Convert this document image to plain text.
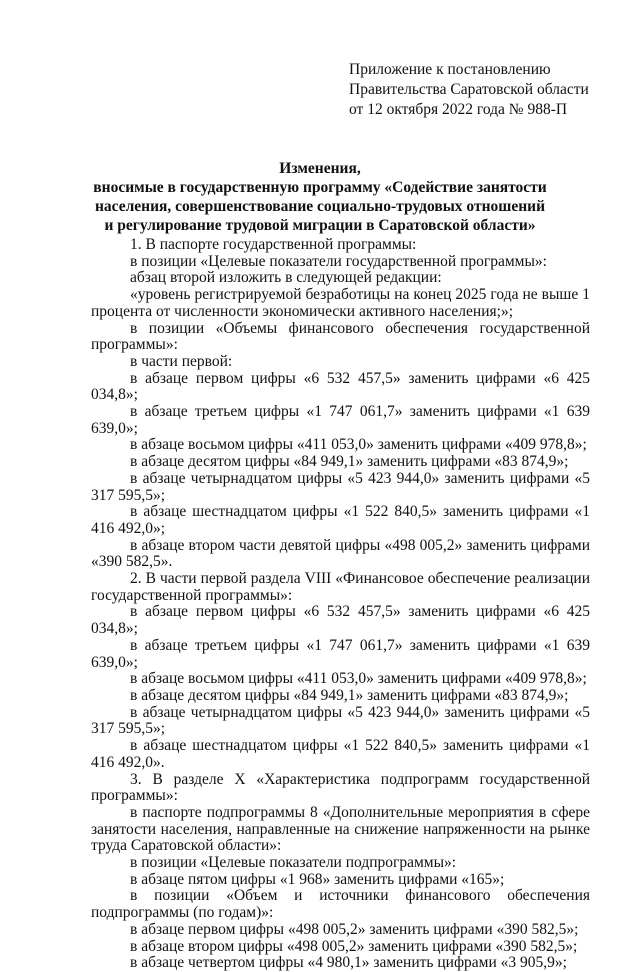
Приложение к постановлению
Правительства Саратовской области
от 12 октября 2022 года № 988-П
Изменения,
вносимые в государственную программу «Содействие занятости
населения, совершенствование социально-трудовых отношений
и регулирование трудовой миграции в Саратовской области»

1. В паспорте государственной программы:

в позиции «Целевые показатели государственной программы»:

абзац второй изложить в следующей редакции:

«уровень регистрируемой безработицы на конец 2025 года не выше 1 процента от численности экономически активного населения;»;

в позиции «Объемы финансового обеспечения государственной программы»:

в части первой:

в абзаце первом цифры «6 532 457,5» заменить цифрами «6 425 034,8»;

в абзаце третьем цифры «1 747 061,7» заменить цифрами «1 639 639,0»;

в абзаце восьмом цифры «411 053,0» заменить цифрами «409 978,8»;

в абзаце десятом цифры «84 949,1» заменить цифрами «83 874,9»;

в абзаце четырнадцатом цифры «5 423 944,0» заменить цифрами «5 317 595,5»;

в абзаце шестнадцатом цифры «1 522 840,5» заменить цифрами «1 416 492,0»;

в абзаце втором части девятой цифры «498 005,2» заменить цифрами «390 582,5».

2. В части первой раздела VIII «Финансовое обеспечение реализации государственной программы»:

в абзаце первом цифры «6 532 457,5» заменить цифрами «6 425 034,8»;

в абзаце третьем цифры «1 747 061,7» заменить цифрами «1 639 639,0»;

в абзаце восьмом цифры «411 053,0» заменить цифрами «409 978,8»;

в абзаце десятом цифры «84 949,1» заменить цифрами «83 874,9»;

в абзаце четырнадцатом цифры «5 423 944,0» заменить цифрами «5 317 595,5»;

в абзаце шестнадцатом цифры «1 522 840,5» заменить цифрами «1 416 492,0».

3. В разделе X «Характеристика подпрограмм государственной программы»:

в паспорте подпрограммы 8 «Дополнительные мероприятия в сфере занятости населения, направленные на снижение напряженности на рынке труда Саратовской области»:

в позиции «Целевые показатели подпрограммы»:

в абзаце пятом цифры «1 968» заменить цифрами «165»;

в позиции «Объем и источники финансового обеспечения подпрограммы (по годам)»:

в абзаце первом цифры «498 005,2» заменить цифрами «390 582,5»;

в абзаце втором цифры «498 005,2» заменить цифрами «390 582,5»;

в абзаце четвертом цифры «4 980,1» заменить цифрами «3 905,9»;
